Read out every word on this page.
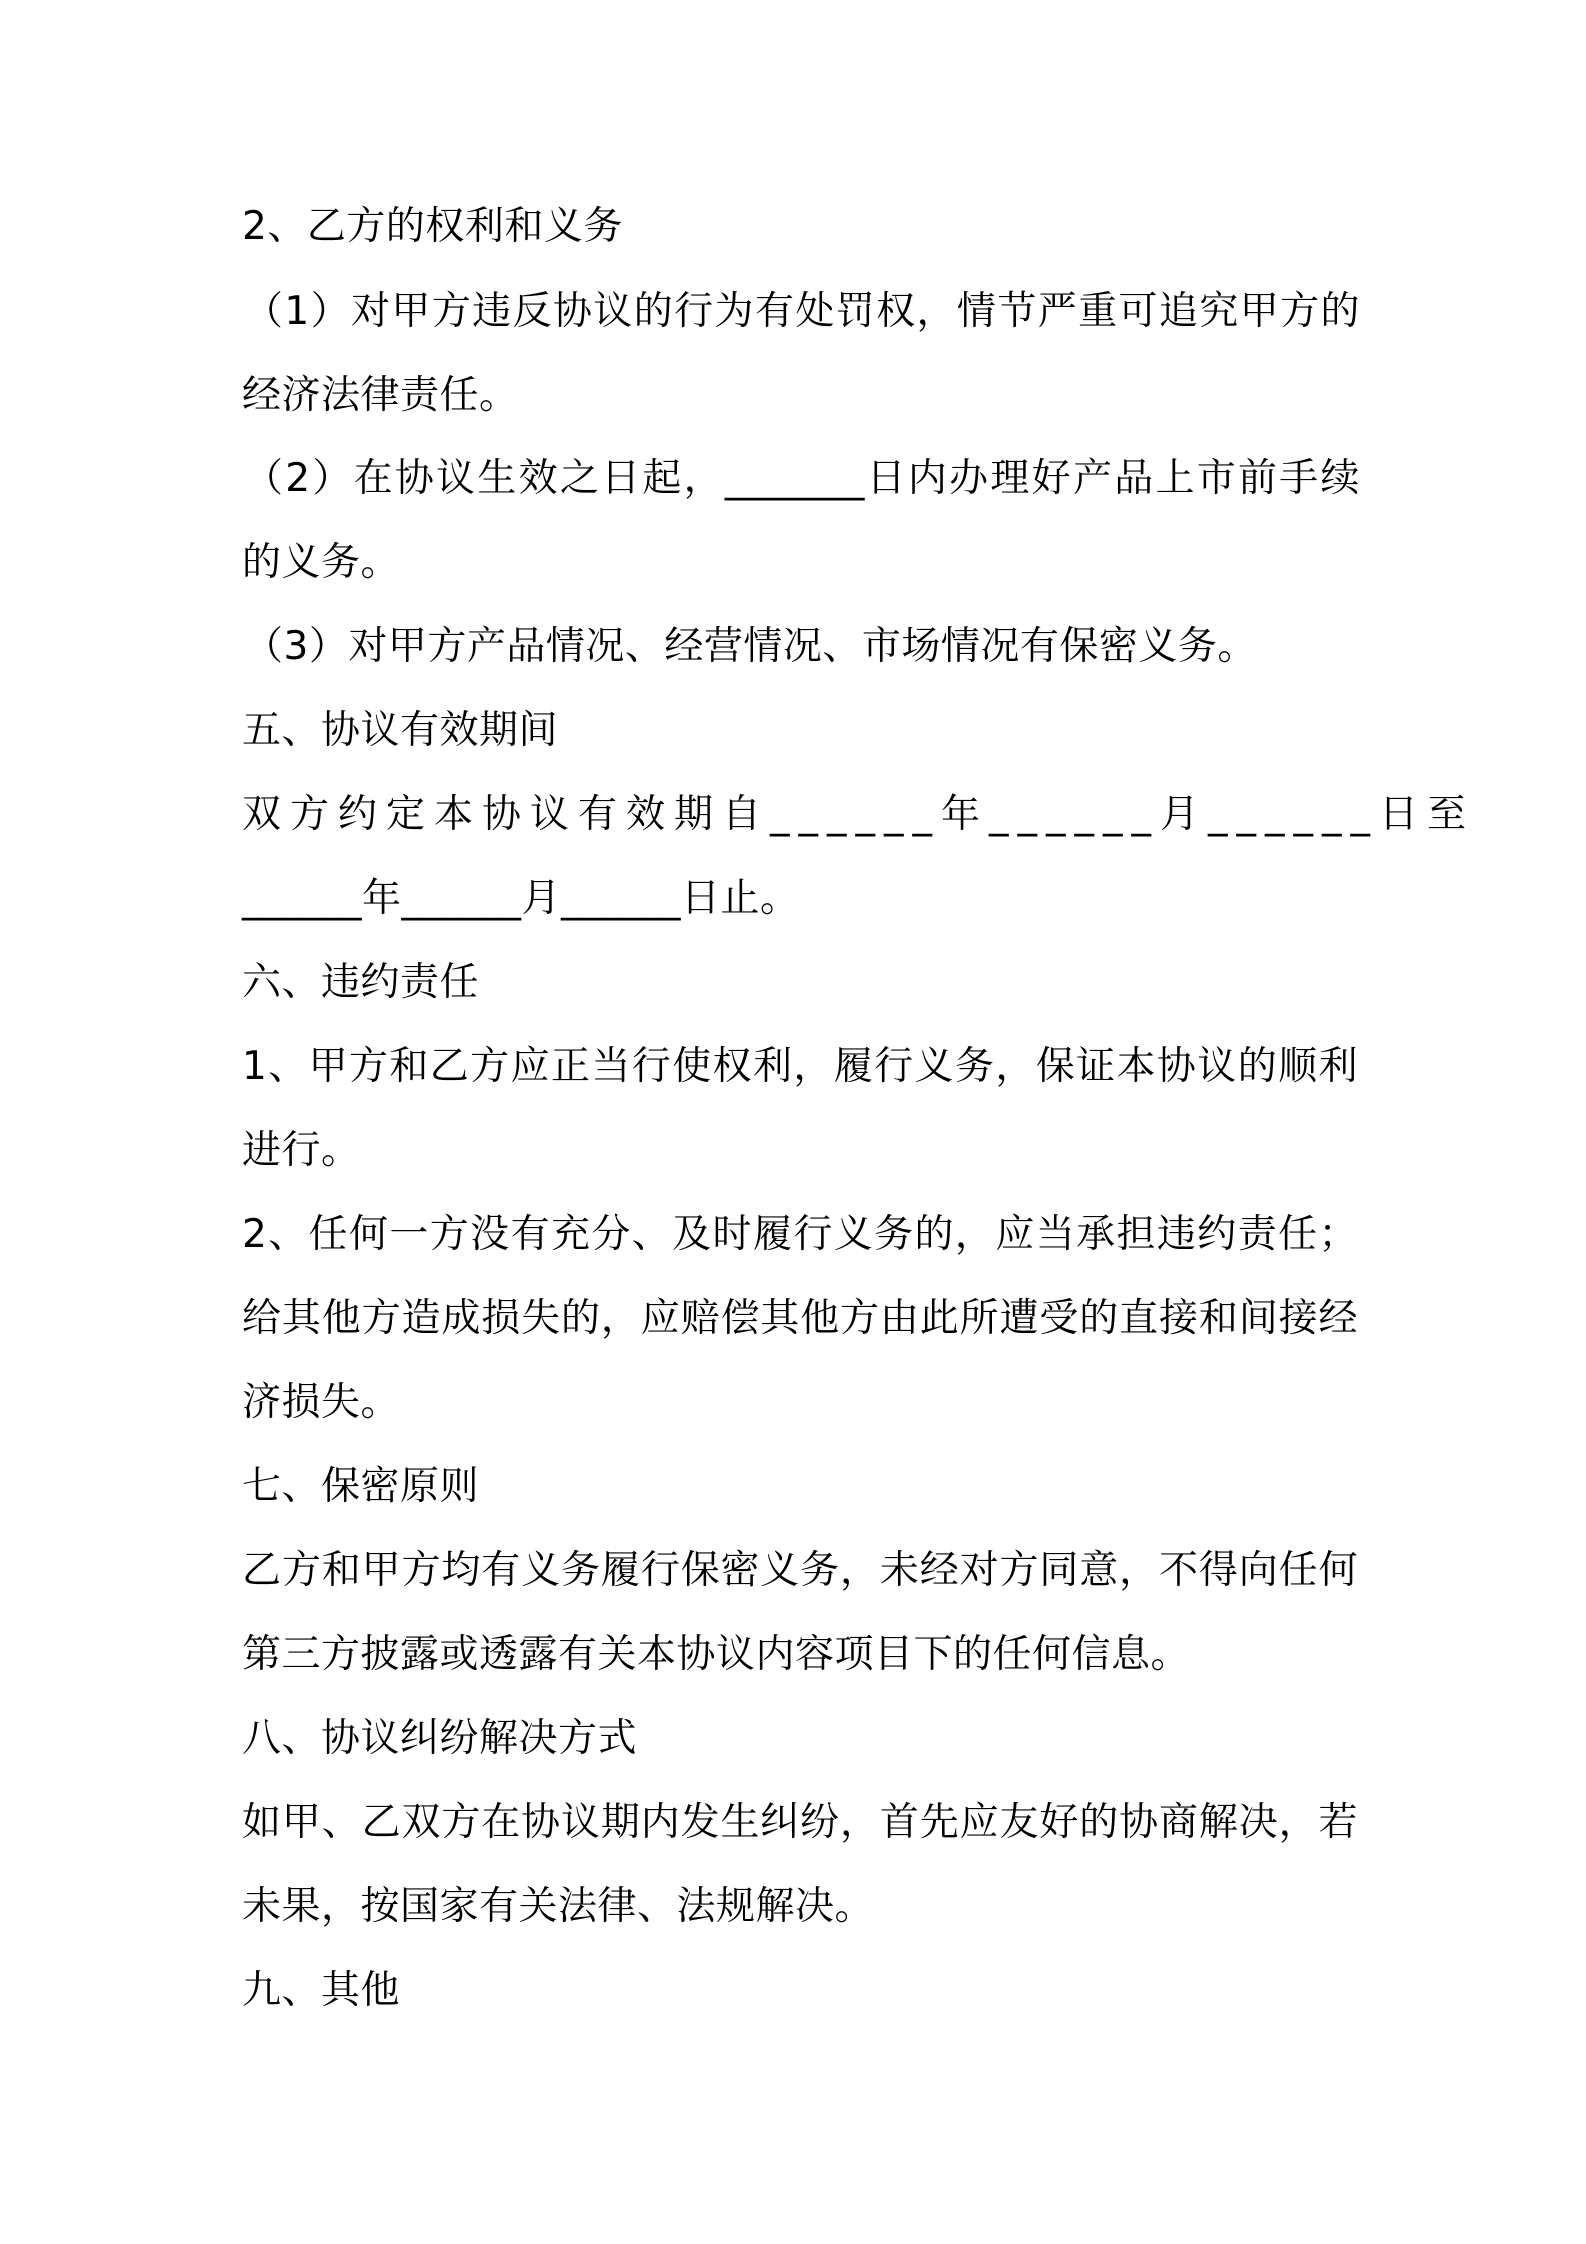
2、乙方的权利和义务
（1）对甲方违反协议的行为有处罚权，情节严重可追究甲方的
经济法律责任。
（2）在协议生效之日起，_______日内办理好产品上市前手续
的义务。
（3）对甲方产品情况、经营情况、市场情况有保密义务。
五、协议有效期间
双方约定本协议有效期自______年______月______日至
______年______月______日止。
六、违约责任
1、甲方和乙方应正当行使权利，履行义务，保证本协议的顺利
进行。
2、任何一方没有充分、及时履行义务的，应当承担违约责任；
给其他方造成损失的，应赔偿其他方由此所遭受的直接和间接经
济损失。
七、保密原则
乙方和甲方均有义务履行保密义务，未经对方同意，不得向任何
第三方披露或透露有关本协议内容项目下的任何信息。
八、协议纠纷解决方式
如甲、乙双方在协议期内发生纠纷，首先应友好的协商解决，若
未果，按国家有关法律、法规解决。
九、其他
